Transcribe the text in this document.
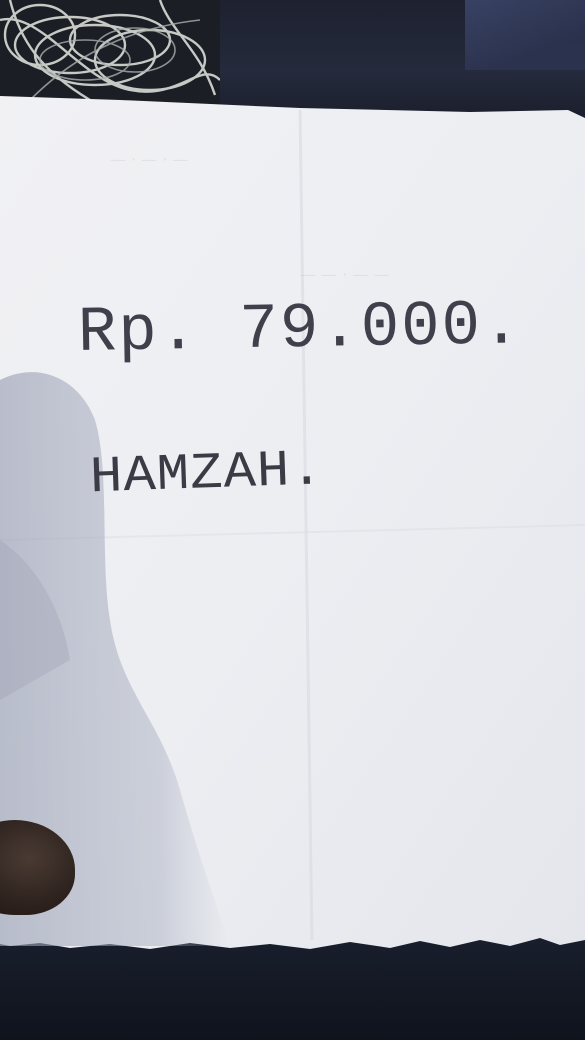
— · — · —
— — · — —
Rp. 79.000.
HAMZAH.
